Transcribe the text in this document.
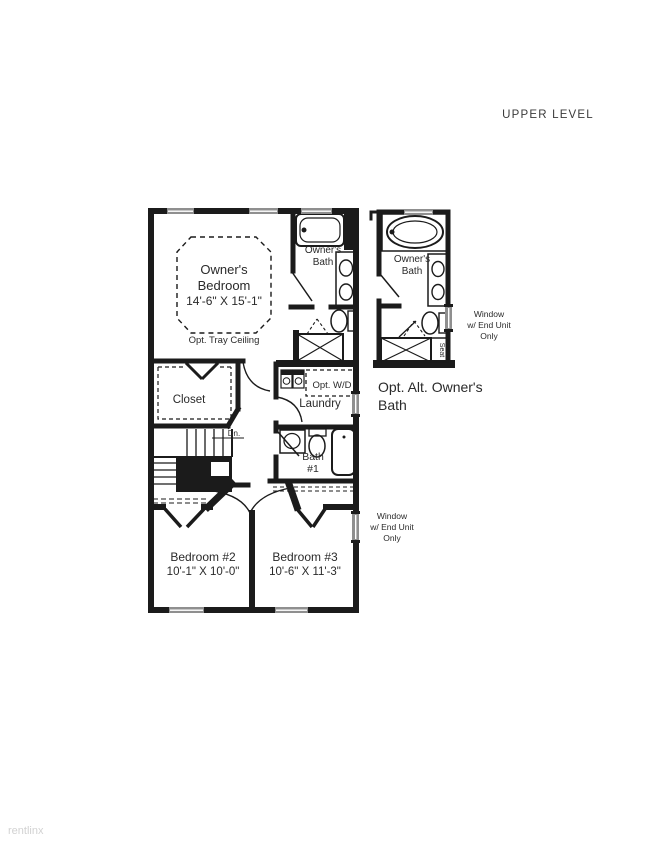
UPPER LEVEL
rentlinx
Owner's
Bedroom
14'-6" X 15'-1"
Opt. Tray Ceiling
Owner's
Bath
Closet
Dn.
Opt. W/D
Laundry
Bath
#1
Bedroom #2
10'-1" X 10'-0"
Bedroom #3
10'-6" X 11'-3"
Window
w/ End Unit
Only
Owner's
Bath
Seat
Opt. Alt. Owner's
Bath
Window
w/ End Unit
Only
